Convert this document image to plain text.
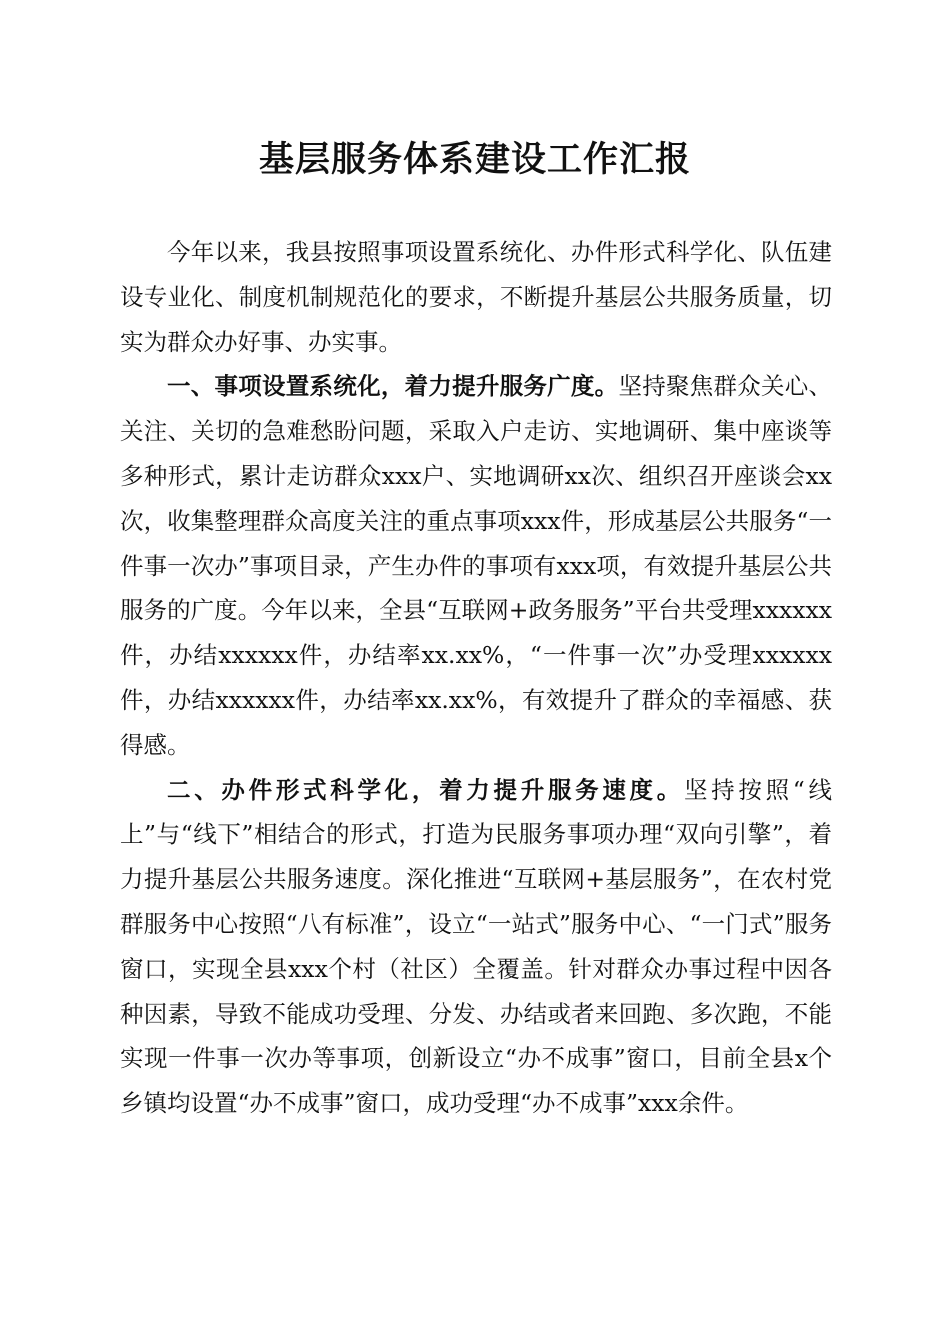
基层服务体系建设工作汇报

今年以来，我县按照事项设置系统化、办件形式科学化、队伍建设专业化、制度机制规范化的要求，不断提升基层公共服务质量，切实为群众办好事、办实事。

一、事项设置系统化，着力提升服务广度。坚持聚焦群众关心、关注、关切的急难愁盼问题，采取入户走访、实地调研、集中座谈等多种形式，累计走访群众xxx户、实地调研xx次、组织召开座谈会xx次，收集整理群众高度关注的重点事项xxx件，形成基层公共服务“一件事一次办”事项目录，产生办件的事项有xxx项，有效提升基层公共服务的广度。今年以来，全县“互联网+政务服务”平台共受理xxxxxx件，办结xxxxxx件，办结率xx.xx%，“一件事一次”办受理xxxxxx件，办结xxxxxx件，办结率xx.xx%，有效提升了群众的幸福感、获得感。

二、办件形式科学化，着力提升服务速度。坚持按照“线上”与“线下”相结合的形式，打造为民服务事项办理“双向引擎”，着力提升基层公共服务速度。深化推进“互联网+基层服务”，在农村党群服务中心按照“八有标准”，设立“一站式”服务中心、“一门式”服务窗口，实现全县xxx个村（社区）全覆盖。针对群众办事过程中因各种因素，导致不能成功受理、分发、办结或者来回跑、多次跑，不能实现一件事一次办等事项，创新设立“办不成事”窗口，目前全县x个乡镇均设置“办不成事”窗口，成功受理“办不成事”xxx余件。
